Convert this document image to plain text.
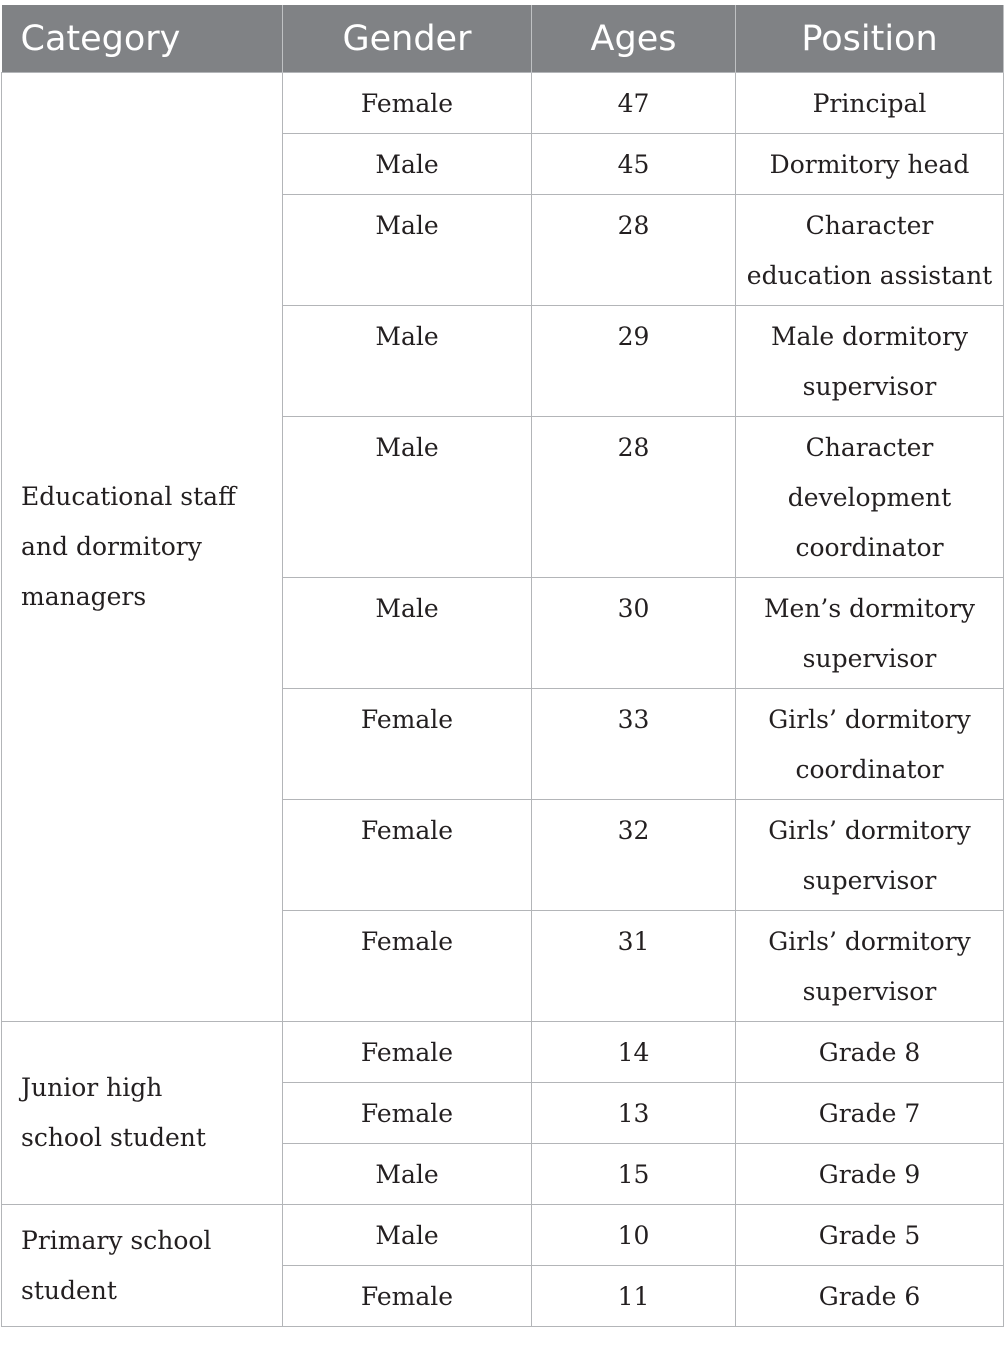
Category	Gender	Ages	Position

Educational staff and dormitory managers	Female	47	Principal

	Male	45	Dormitory head

	Male	28	Character education assistant

	Male	29	Male dormitory supervisor

	Male	28	Character development coordinator

	Male	30	Men’s dormitory supervisor

	Female	33	Girls’ dormitory coordinator

	Female	32	Girls’ dormitory supervisor

	Female	31	Girls’ dormitory supervisor

Junior high school student	Female	14	Grade 8

	Female	13	Grade 7

	Male	15	Grade 9

Primary school student	Male	10	Grade 5

	Female	11	Grade 6
